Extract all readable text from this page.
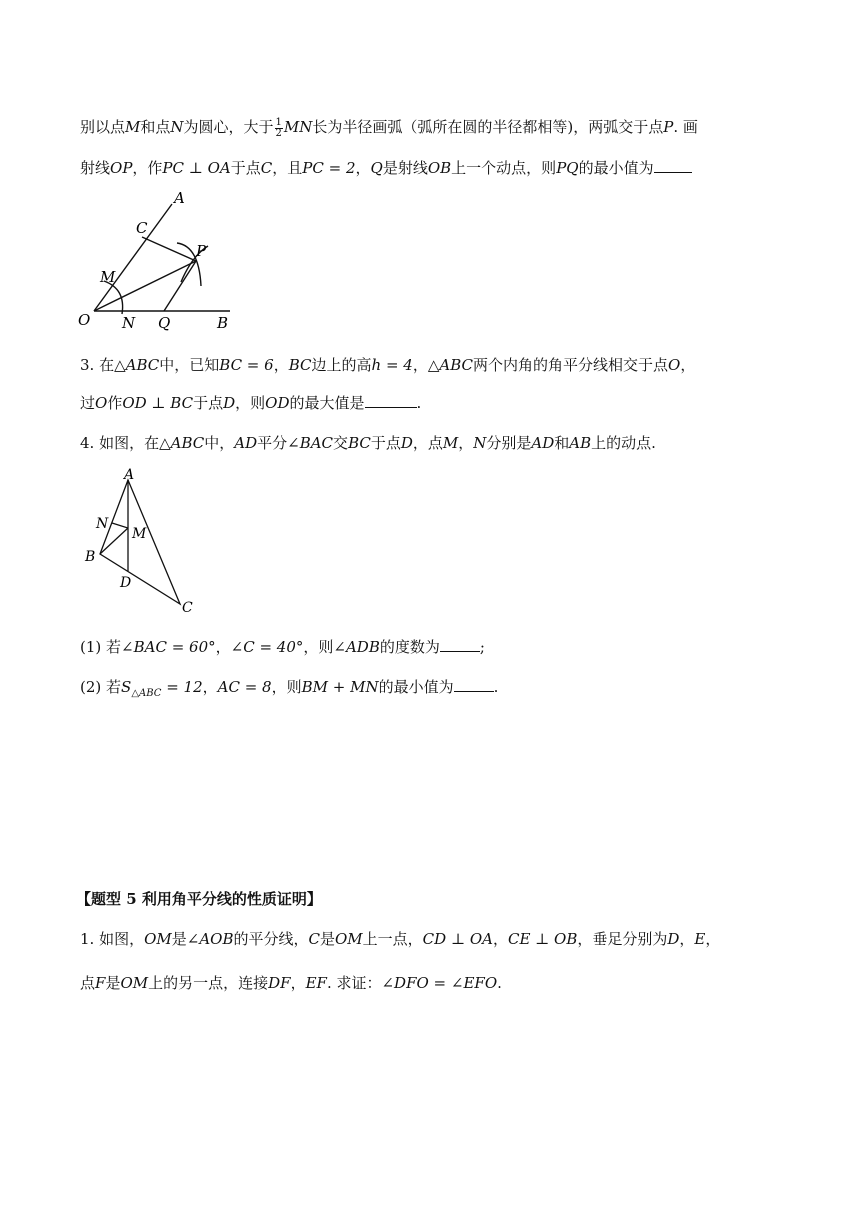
别以点M和点N为圆心，大于 $\frac{1}{2}$ MN长为半径画弧（弧所在圆的半径都相等)，两弧交于点P. 画
射线OP，作PC ⊥ OA于点C，且PC = 2，Q是射线OB上一个动点，则PQ的最小值为
A
C
P
M
O N Q	B
3. 在△ABC中，已知BC = 6，BC边上的高ℎ = 4，△ABC两个内角的角平分线相交于点O，
过O作OD ⊥ BC于点D，则OD的最大值是	.
4. 如图，在△ABC中，AD平分∠BAC交BC于点D，点M，N分别是AD和AB上的动点.
A
N
M
B
D
C
(1) 若∠BAC = 60°，∠C = 40°，则∠ADB的度数为	;
(2) 若$S_{\triangle ABC} = 12$，AC = 8，则BM + MN的最小值为	.
【题型 5 利用角平分线的性质证明】
1. 如图，OM是∠AOB的平分线，C是OM上一点，CD ⊥ OA，CE ⊥ OB，垂足分别为D，E，
点F是OM上的另一点，连接DF，EF. 求证：∠DFO = ∠EFO.
